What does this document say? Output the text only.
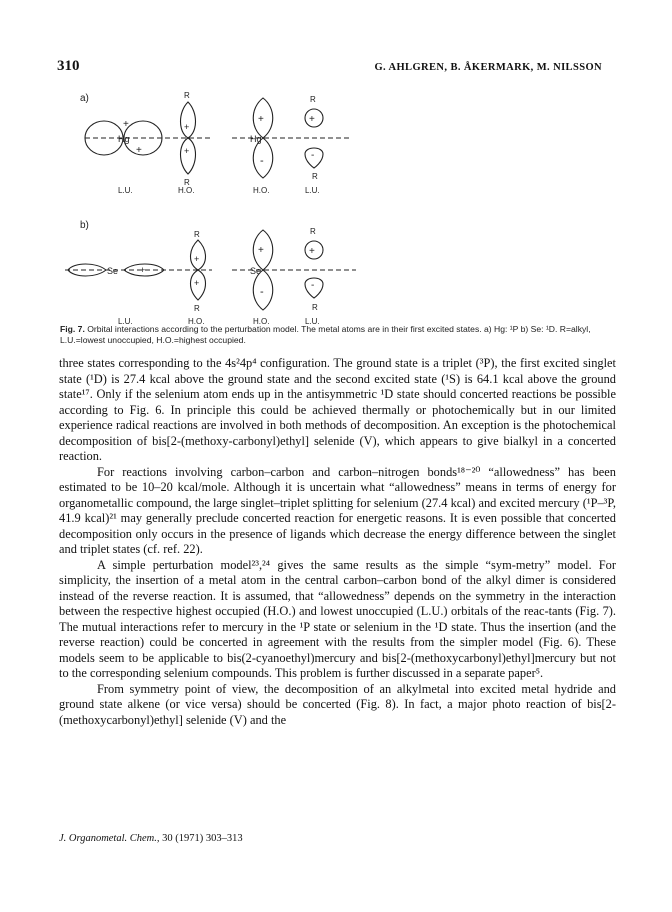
310	G. AHLGREN, B. ÅKERMARK, M. NILSSON
a)
Hg
+
+
R
+
+
R
+
-
Hg
R
+
-
R
L.U.	H.O.	H.O.	L.U.
b)
Se +
R
+
+
R
+
-
Se
R
+
-
R
L.U.	H.O.	H.O.	L.U.
Fig. 7. Orbital interactions according to the perturbation model. The metal atoms are in their first excited states. a) Hg: ¹P b) Se: ¹D. R=alkyl, L.U.=lowest unoccupied, H.O.=highest occupied.

three states corresponding to the 4s²4p⁴ configuration. The ground state is a triplet (³P), the first excited singlet state (¹D) is 27.4 kcal above the ground state and the second excited state (¹S) is 64.1 kcal above the ground state¹⁷. Only if the selenium atom ends up in the antisymmetric ¹D state should concerted reactions be possible according to Fig. 6. In principle this could be achieved thermally or photochemically but in our limited experience radical reactions are involved in both methods of decomposition. An exception is the photochemical decomposition of bis[2-(methoxy-carbonyl)ethyl] selenide (V), which appears to give bialkyl in a concerted reaction.

For reactions involving carbon–carbon and carbon–nitrogen bonds¹⁸⁻²⁰ “allowedness” has been estimated to be 10–20 kcal/mole. Although it is uncertain what “allowedness” means in terms of energy for organometallic compound, the large singlet–triplet splitting for selenium (27.4 kcal) and excited mercury (¹P–³P, 41.9 kcal)²¹ may generally preclude concerted reaction for energetic reasons. It is even possible that concerted decomposition only occurs in the presence of ligands which decrease the energy difference between the singlet and triplet states (cf. ref. 22).

A simple perturbation model²³,²⁴ gives the same results as the simple “sym-metry” model. For simplicity, the insertion of a metal atom in the central carbon–carbon bond of the alkyl dimer is considered instead of the reverse reaction. It is assumed, that “allowedness” depends on the symmetry in the interaction between the respective highest occupied (H.O.) and lowest unoccupied (L.U.) orbitals of the reac-tants (Fig. 7). The mutual interactions refer to mercury in the ¹P state or selenium in the ¹D state. Thus the insertion (and the reverse reaction) could be concerted in agreement with the results from the simpler model (Fig. 6). These models seem to be applicable to bis(2-cyanoethyl)mercury and bis[2-(methoxycarbonyl)ethyl]mercury but not to the corresponding selenium compounds. This problem is further discussed in a separate paper⁵.

From symmetry point of view, the decomposition of an alkylmetal into excited metal hydride and ground state alkene (or vice versa) should be concerted (Fig. 8). In fact, a major photo reaction of bis[2-(methoxycarbonyl)ethyl] selenide (V) and the

J. Organometal. Chem., 30 (1971) 303–313
